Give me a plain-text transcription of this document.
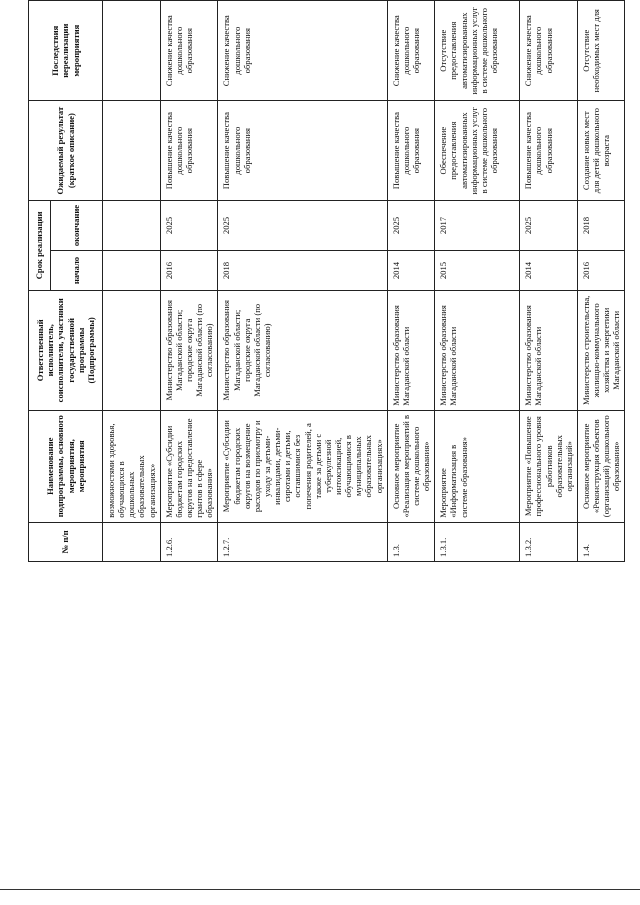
№ п/п	Наименование подпрограммы, основного мероприятия, мероприятия	Ответственный исполнитель, соисполнители, участники государственной программы (Подпрограммы)	Срок реализации		Ожидаемый результат (краткое описание)	Последствия нереализации мероприятия
			начало	окончание		
	возможностями здоровья, обучающихся в дошкольных образовательных организациях»					
1.2.6.	Мероприятие «Субсидии бюджетам городских округов на предоставление грантов в сфере образования»	Министерство образования Магаданской области; городские округа Магаданской области (по согласованию)	2016	2025	Повышение качества дошкольного образования	Снижение качества дошкольного образования
1.2.7.	Мероприятие «Субсидии бюджетам городских округов на возмещение расходов по присмотру и уходу за детьми-инвалидами, детьми-сиротами и детьми, оставшимися без попечения родителей, а также за детьми с туберкулезной интоксикацией, обучающимися в муниципальных образовательных организациях»	Министерство образования Магаданской области; городские округа Магаданской области (по согласованию)	2018	2025	Повышение качества дошкольного образования	Снижение качества дошкольного образования
1.3.	Основное мероприятие «Реализация мероприятий в системе дошкольного образования»	Министерство образования Магаданской области	2014	2025	Повышение качества дошкольного образования	Снижение качества дошкольного образования
1.3.1.	Мероприятие «Информатизация в системе образования»	Министерство образования Магаданской области	2015	2017	Обеспечение предоставления автоматизированных информационных услуг в системе дошкольного образования	Отсутствие предоставления автоматизированных информационных услуг в системе дошкольного образования
1.3.2.	Мероприятие «Повышение профессионального уровня работников образовательных организаций»	Министерство образования Магаданской области	2014	2025	Повышение качества дошкольного образования	Снижение качества дошкольного образования
1.4.	Основное мероприятие «Реконструкция объектов (организаций) дошкольного образования»	Министерство строительства, жилищно-коммунального хозяйства и энергетики Магаданской области	2016	2018	Создание новых мест для детей дошкольного возраста	Отсутствие необходимых мест для
